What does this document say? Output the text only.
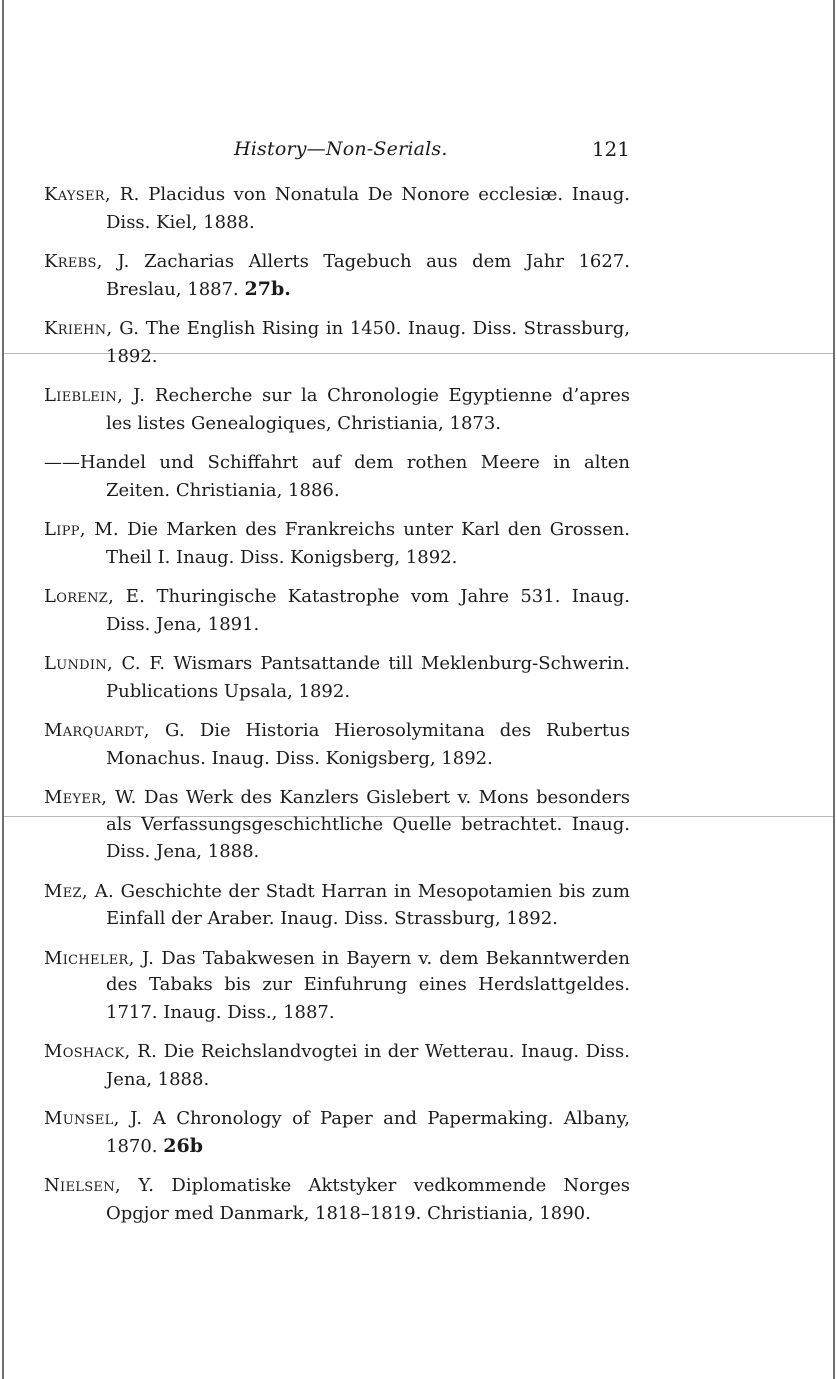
History—Non-Serials.	121
Kayser, R. Placidus von Nonatula De Nonore ecclesiæ. Inaug. Diss. Kiel, 1888.
Krebs, J. Zacharias Allerts Tagebuch aus dem Jahr 1627. Breslau, 1887. 27b.
Kriehn, G. The English Rising in 1450. Inaug. Diss. Strassburg, 1892.
Lieblein, J. Recherche sur la Chronologie Egyptienne d’apres les listes Genealogiques, Christiania, 1873.
——Handel und Schiffahrt auf dem rothen Meere in alten Zeiten. Christiania, 1886.
Lipp, M. Die Marken des Frankreichs unter Karl den Grossen. Theil I. Inaug. Diss. Konigsberg, 1892.
Lorenz, E. Thuringische Katastrophe vom Jahre 531. Inaug. Diss. Jena, 1891.
Lundin, C. F. Wismars Pantsattande till Meklenburg-Schwerin. Publications Upsala, 1892.
Marquardt, G. Die Historia Hierosolymitana des Rubertus Monachus. Inaug. Diss. Konigsberg, 1892.
Meyer, W. Das Werk des Kanzlers Gislebert v. Mons besonders als Verfassungsgeschichtliche Quelle betrachtet. Inaug. Diss. Jena, 1888.
Mez, A. Geschichte der Stadt Harran in Mesopotamien bis zum Einfall der Araber. Inaug. Diss. Strassburg, 1892.
Micheler, J. Das Tabakwesen in Bayern v. dem Bekanntwerden des Tabaks bis zur Einfuhrung eines Herdslattgeldes. 1717. Inaug. Diss., 1887.
Moshack, R. Die Reichslandvogtei in der Wetterau. Inaug. Diss. Jena, 1888.
Munsel, J. A Chronology of Paper and Papermaking. Albany, 1870. 26b
Nielsen, Y. Diplomatiske Aktstyker vedkommende Norges Opgjor med Danmark, 1818–1819. Christiania, 1890.
